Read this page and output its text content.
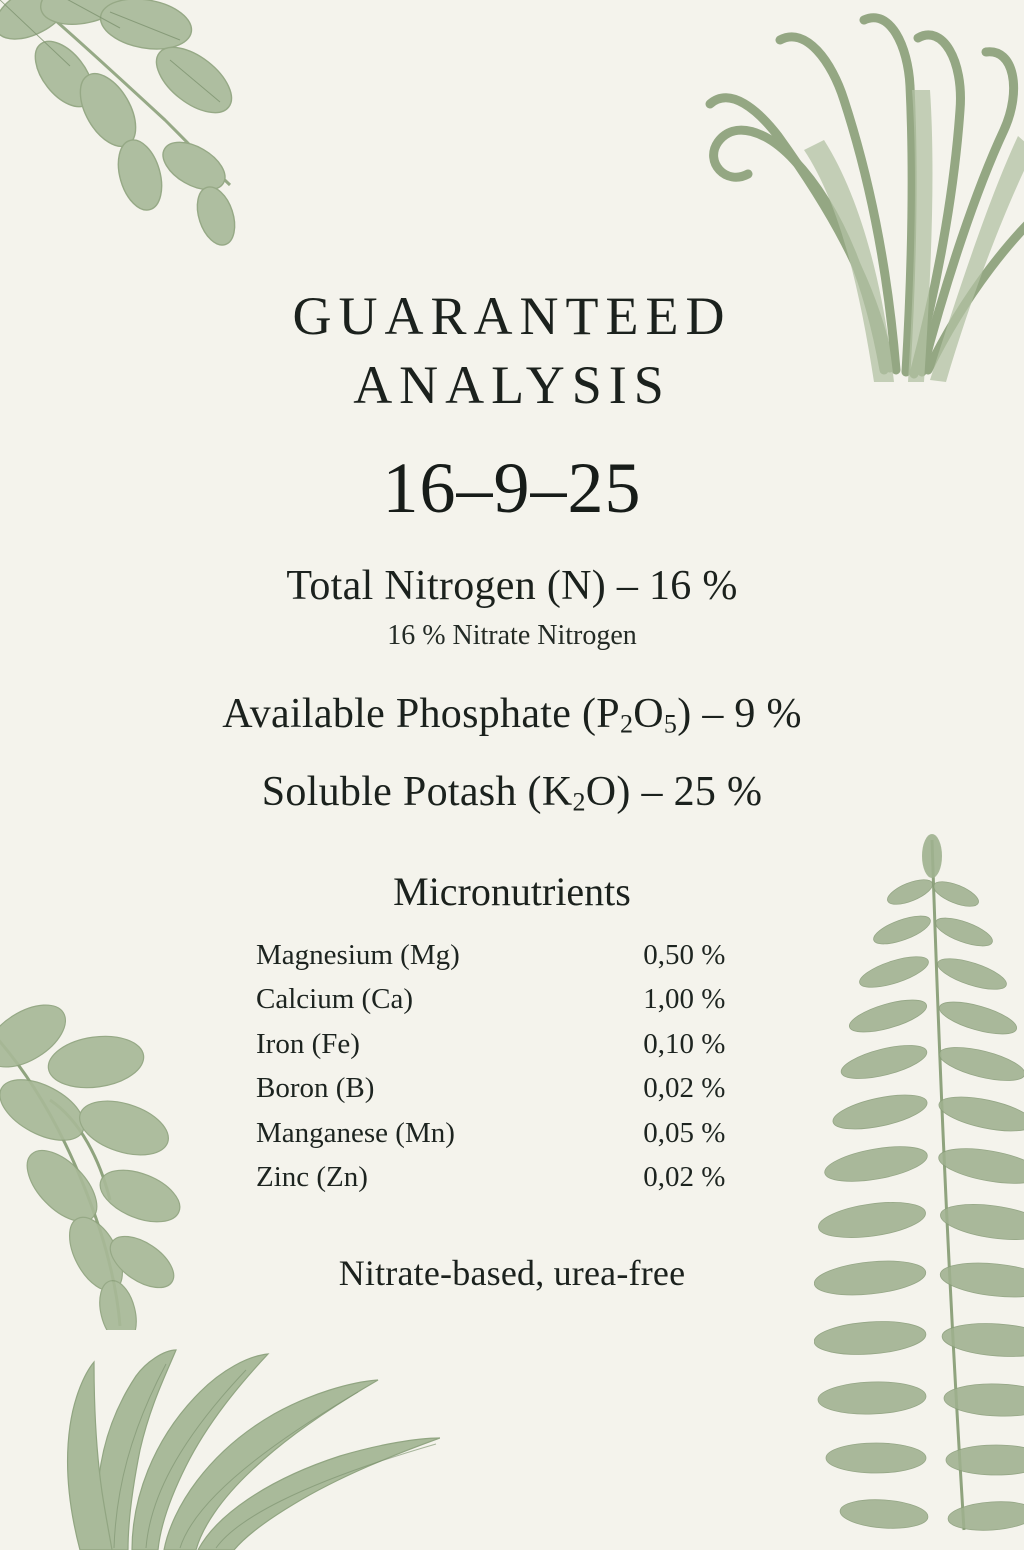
GUARANTEED ANALYSIS
16–9–25
Total Nitrogen (N) – 16 %
16 % Nitrate Nitrogen
Available Phosphate $(P_2O_5) - 9$ %
Soluble Potash $(K_2O) - 25$ %
Micronutrients
Magnesium (Mg)	0,50 %
Calcium (Ca)	1,00 %
Iron (Fe)	0,10 %
Boron (B)	0,02 %
Manganese (Mn)	0,05 %
Zinc (Zn)	0,02 %
Nitrate-based, urea-free
